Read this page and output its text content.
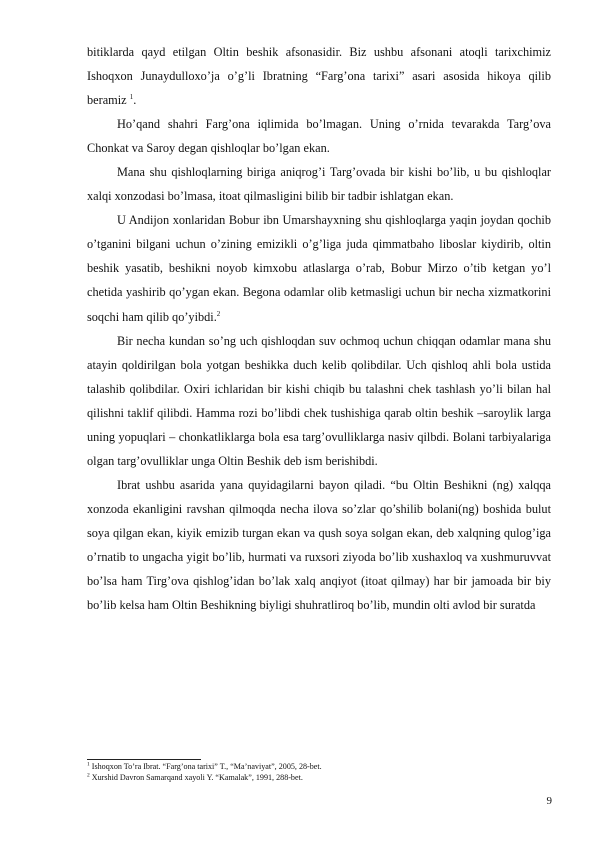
bitiklarda qayd etilgan Oltin beshik afsonasidir. Biz ushbu afsonani atoqli tarixchimiz Ishoqxon Junaydulloxo’ja o’g’li Ibratning “Farg’ona tarixi” asari asosida hikoya qilib beramiz $^1$.

Ho’qand shahri Farg’ona iqlimida bo’lmagan. Uning o’rnida tevarakda Targ’ova Chonkat va Saroy degan qishloqlar bo’lgan ekan.

Mana shu qishloqlarning biriga aniqrog’i Targ’ovada bir kishi bo’lib, u bu qishloqlar xalqi xonzodasi bo’lmasa, itoat qilmasligini bilib bir tadbir ishlatgan ekan.

U Andijon xonlaridan Bobur ibn Umarshayxning shu qishloqlarga yaqin joydan qochib o’tganini bilgani uchun o’zining emizikli o’g’liga juda qimmatbaho liboslar kiydirib, oltin beshik yasatib, beshikni noyob kimxobu atlaslarga o’rab, Bobur Mirzo o’tib ketgan yo’l chetida yashirib qo’ygan ekan. Begona odamlar olib ketmasligi uchun bir necha xizmatkorini soqchi ham qilib qo’yibdi.$^2$

Bir necha kundan so’ng uch qishloqdan suv ochmoq uchun chiqqan odamlar mana shu atayin qoldirilgan bola yotgan beshikka duch kelib qolibdilar. Uch qishloq ahli bola ustida talashib qolibdilar. Oxiri ichlaridan bir kishi chiqib bu talashni chek tashlash yo’li bilan hal qilishni taklif qilibdi. Hamma rozi bo’libdi chek tushishiga qarab oltin beshik –saroylik larga uning yopuqlari – chonkatliklarga bola esa targ’ovulliklarga nasiv qilbdi. Bolani tarbiyalariga olgan targ’ovulliklar unga Oltin Beshik deb ism berishibdi.

Ibrat ushbu asarida yana quyidagilarni bayon qiladi. “bu Oltin Beshikni (ng) xalqqa xonzoda ekanligini ravshan qilmoqda necha ilova so’zlar qo’shilib bolani(ng) boshida bulut soya qilgan ekan, kiyik emizib turgan ekan va qush soya solgan ekan, deb xalqning qulog’iga o’rnatib to ungacha yigit bo’lib, hurmati va ruxsori ziyoda bo’lib xushaxloq va xushmuruvvat bo’lsa ham Tirg’ova qishlog’idan bo’lak xalq anqiyot (itoat qilmay) har bir jamoada bir biy bo’lib kelsa ham Oltin Beshikning biyligi shuhratliroq bo’lib, mundin olti avlod bir suratda

$^1$ Ishoqxon To’ra Ibrat. “Farg’ona tarixi” T., “Ma’naviyat”, 2005, 28-bet.
$^2$ Xurshid Davron Samarqand xayoli Y. “Kamalak”, 1991, 288-bet.
9
